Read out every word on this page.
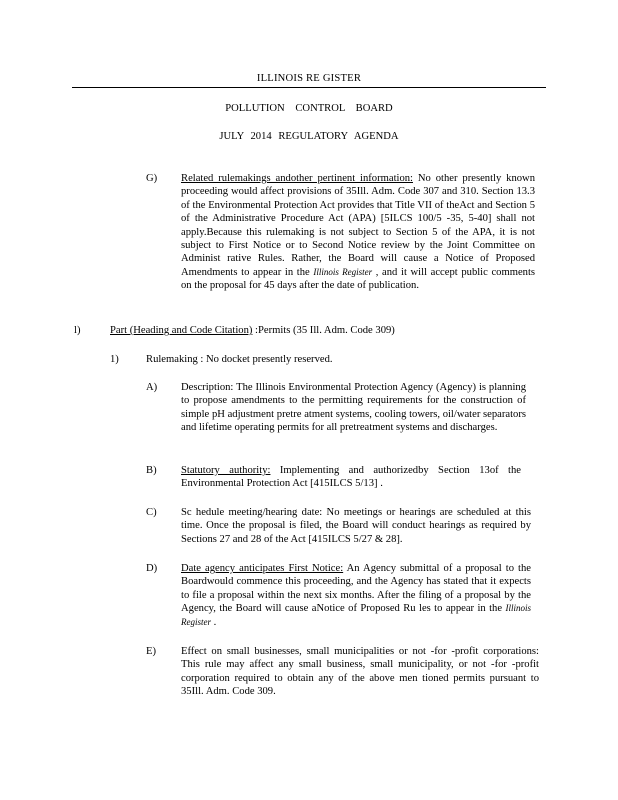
ILLINOIS RE GISTER
POLLUTION CONTROL BOARD
JULY 2014 REGULATORY AGENDA
G) Related rulemakings andother pertinent information: No other presently known proceeding would affect provisions of 35Ill. Adm. Code 307 and 310. Section 13.3 of the Environmental Protection Act provides that Title VII of theAct and Section 5 of the Administrative Procedure Act (APA) [5ILCS 100/5 -35, 5-40] shall not apply.Because this rulemaking is not subject to Section 5 of the APA, it is not subject to First Notice or to Second Notice review by the Joint Committee on Administ rative Rules. Rather, the Board will cause a Notice of Proposed Amendments to appear in the Illinois Register , and it will accept public comments on the proposal for 45 days after the date of publication.
l)	Part (Heading and Code Citation) :Permits (35 Ill. Adm. Code 309)
1)	Rulemaking : No docket presently reserved.
A) Description: The Illinois Environmental Protection Agency (Agency) is planning to propose amendments to the permitting requirements for the construction of simple pH adjustment pretre atment systems, cooling towers, oil/water separators and lifetime operating permits for all pretreatment systems and discharges.
B) Statutory authority: Implementing and authorizedby Section 13of the Environmental Protection Act [415ILCS 5/13] .
C) Sc hedule meeting/hearing date: No meetings or hearings are scheduled at this time. Once the proposal is filed, the Board will conduct hearings as required by Sections 27 and 28 of the Act [415ILCS 5/27 & 28].
D) Date agency anticipates First Notice: An Agency submittal of a proposal to the Boardwould commence this proceeding, and the Agency has stated that it expects to file a proposal within the next six months. After the filing of a proposal by the Agency, the Board will cause aNotice of Proposed Ru les to appear in the Illinois Register .
E) Effect on small businesses, small municipalities or not -for -profit corporations: This rule may affect any small business, small municipality, or not -for -profit corporation required to obtain any of the above men tioned permits pursuant to 35Ill. Adm. Code 309.
